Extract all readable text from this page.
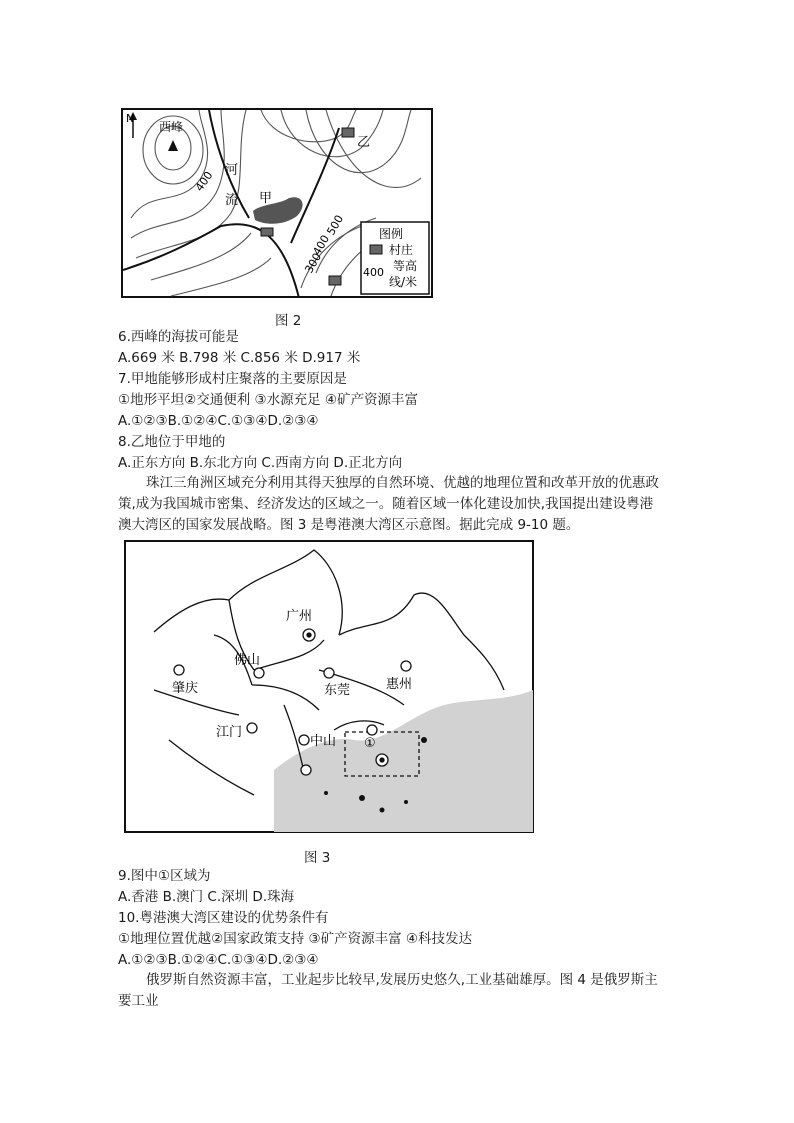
N
西峰
河
流 甲
乙
400
500
400
300
图例
村庄
400 等高
线/米
图 2
6.西峰的海拔可能是
A.669 米 B.798 米 C.856 米 D.917 米
7.甲地能够形成村庄聚落的主要原因是
①地形平坦②交通便利 ③水源充足 ④矿产资源丰富
A.①②③B.①②④C.①③④D.②③④
8.乙地位于甲地的
A.正东方向 B.东北方向 C.西南方向 D.正北方向
珠江三角洲区域充分利用其得天独厚的自然环境、优越的地理位置和改革开放的优惠政
策,成为我国城市密集、经济发达的区域之一。随着区域一体化建设加快,我国提出建设粤港
澳大湾区的国家发展战略。图 3 是粤港澳大湾区示意图。据此完成 9-10 题。
广州
佛山
肇庆	东莞	惠州
江门
中山 ①
图 3
9.图中①区域为
A.香港 B.澳门 C.深圳 D.珠海
10.粤港澳大湾区建设的优势条件有
①地理位置优越②国家政策支持 ③矿产资源丰富 ④科技发达
A.①②③B.①②④C.①③④D.②③④
俄罗斯自然资源丰富，工业起步比较早,发展历史悠久,工业基础雄厚。图 4 是俄罗斯主
要工业
